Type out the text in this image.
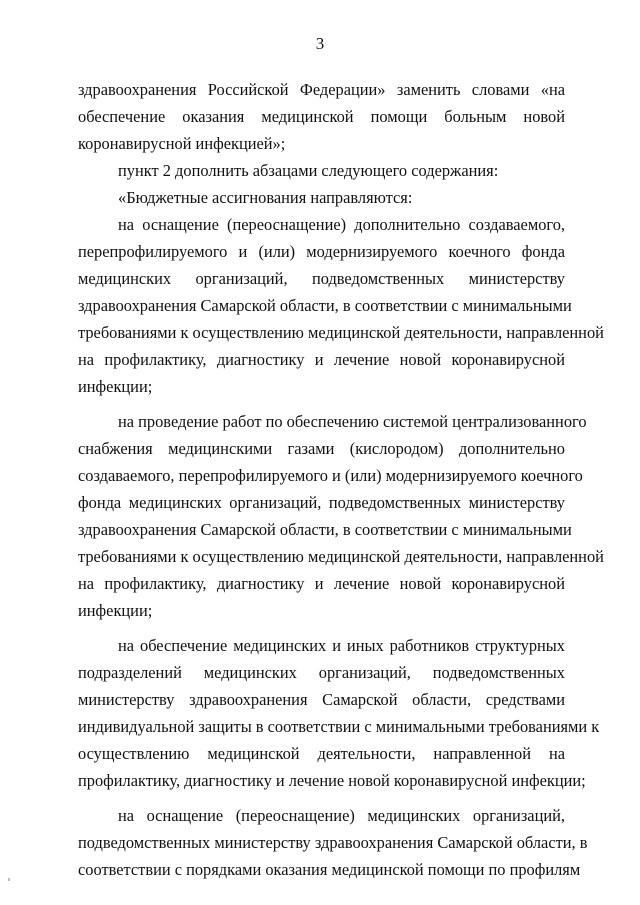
3

здравоохранения Российской Федерации» заменить словами «на
обеспечение оказания медицинской помощи больным новой
коронавирусной инфекцией»;

пункт 2 дополнить абзацами следующего содержания:

«Бюджетные ассигнования направляются:

на оснащение (переоснащение) дополнительно создаваемого,
перепрофилируемого и (или) модернизируемого коечного фонда
медицинских организаций, подведомственных министерству
здравоохранения Самарской области, в соответствии с минимальными
требованиями к осуществлению медицинской деятельности, направленной
на профилактику, диагностику и лечение новой коронавирусной
инфекции;

на проведение работ по обеспечению системой централизованного
снабжения медицинскими газами (кислородом) дополнительно
создаваемого, перепрофилируемого и (или) модернизируемого коечного
фонда медицинских организаций, подведомственных министерству
здравоохранения Самарской области, в соответствии с минимальными
требованиями к осуществлению медицинской деятельности, направленной
на профилактику, диагностику и лечение новой коронавирусной
инфекции;

на обеспечение медицинских и иных работников структурных
подразделений медицинских организаций, подведомственных
министерству здравоохранения Самарской области, средствами
индивидуальной защиты в соответствии с минимальными требованиями к
осуществлению медицинской деятельности, направленной на
профилактику, диагностику и лечение новой коронавирусной инфекции;

на оснащение (переоснащение) медицинских организаций,
подведомственных министерству здравоохранения Самарской области, в
соответствии с порядками оказания медицинской помощи по профилям
